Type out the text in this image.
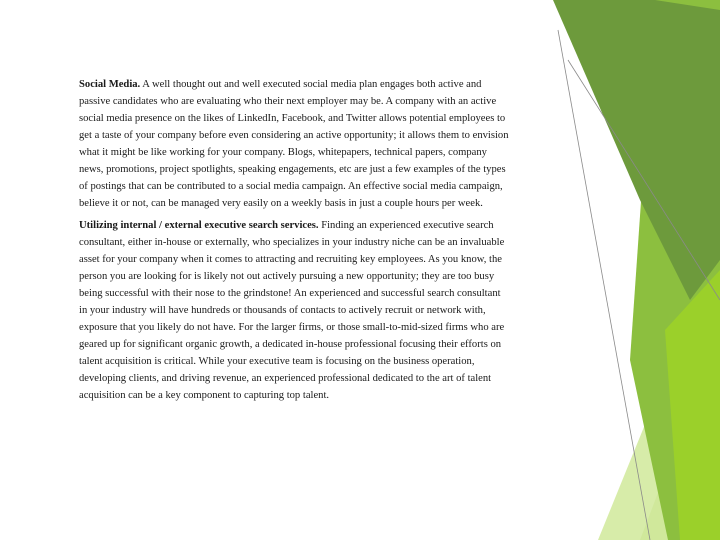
Social Media. A well thought out and well executed social media plan engages both active and passive candidates who are evaluating who their next employer may be. A company with an active social media presence on the likes of LinkedIn, Facebook, and Twitter allows potential employees to get a taste of your company before even considering an active opportunity; it allows them to envision what it might be like working for your company. Blogs, whitepapers, technical papers, company news, promotions, project spotlights, speaking engagements, etc are just a few examples of the types of postings that can be contributed to a social media campaign. An effective social media campaign, believe it or not, can be managed very easily on a weekly basis in just a couple hours per week.

Utilizing internal / external executive search services. Finding an experienced executive search consultant, either in-house or externally, who specializes in your industry niche can be an invaluable asset for your company when it comes to attracting and recruiting key employees. As you know, the person you are looking for is likely not out actively pursuing a new opportunity; they are too busy being successful with their nose to the grindstone! An experienced and successful search consultant in your industry will have hundreds or thousands of contacts to actively recruit or network with, exposure that you likely do not have. For the larger firms, or those small-to-mid-sized firms who are geared up for significant organic growth, a dedicated in-house professional focusing their efforts on talent acquisition is critical. While your executive team is focusing on the business operation, developing clients, and driving revenue, an experienced professional dedicated to the art of talent acquisition can be a key component to capturing top talent.
